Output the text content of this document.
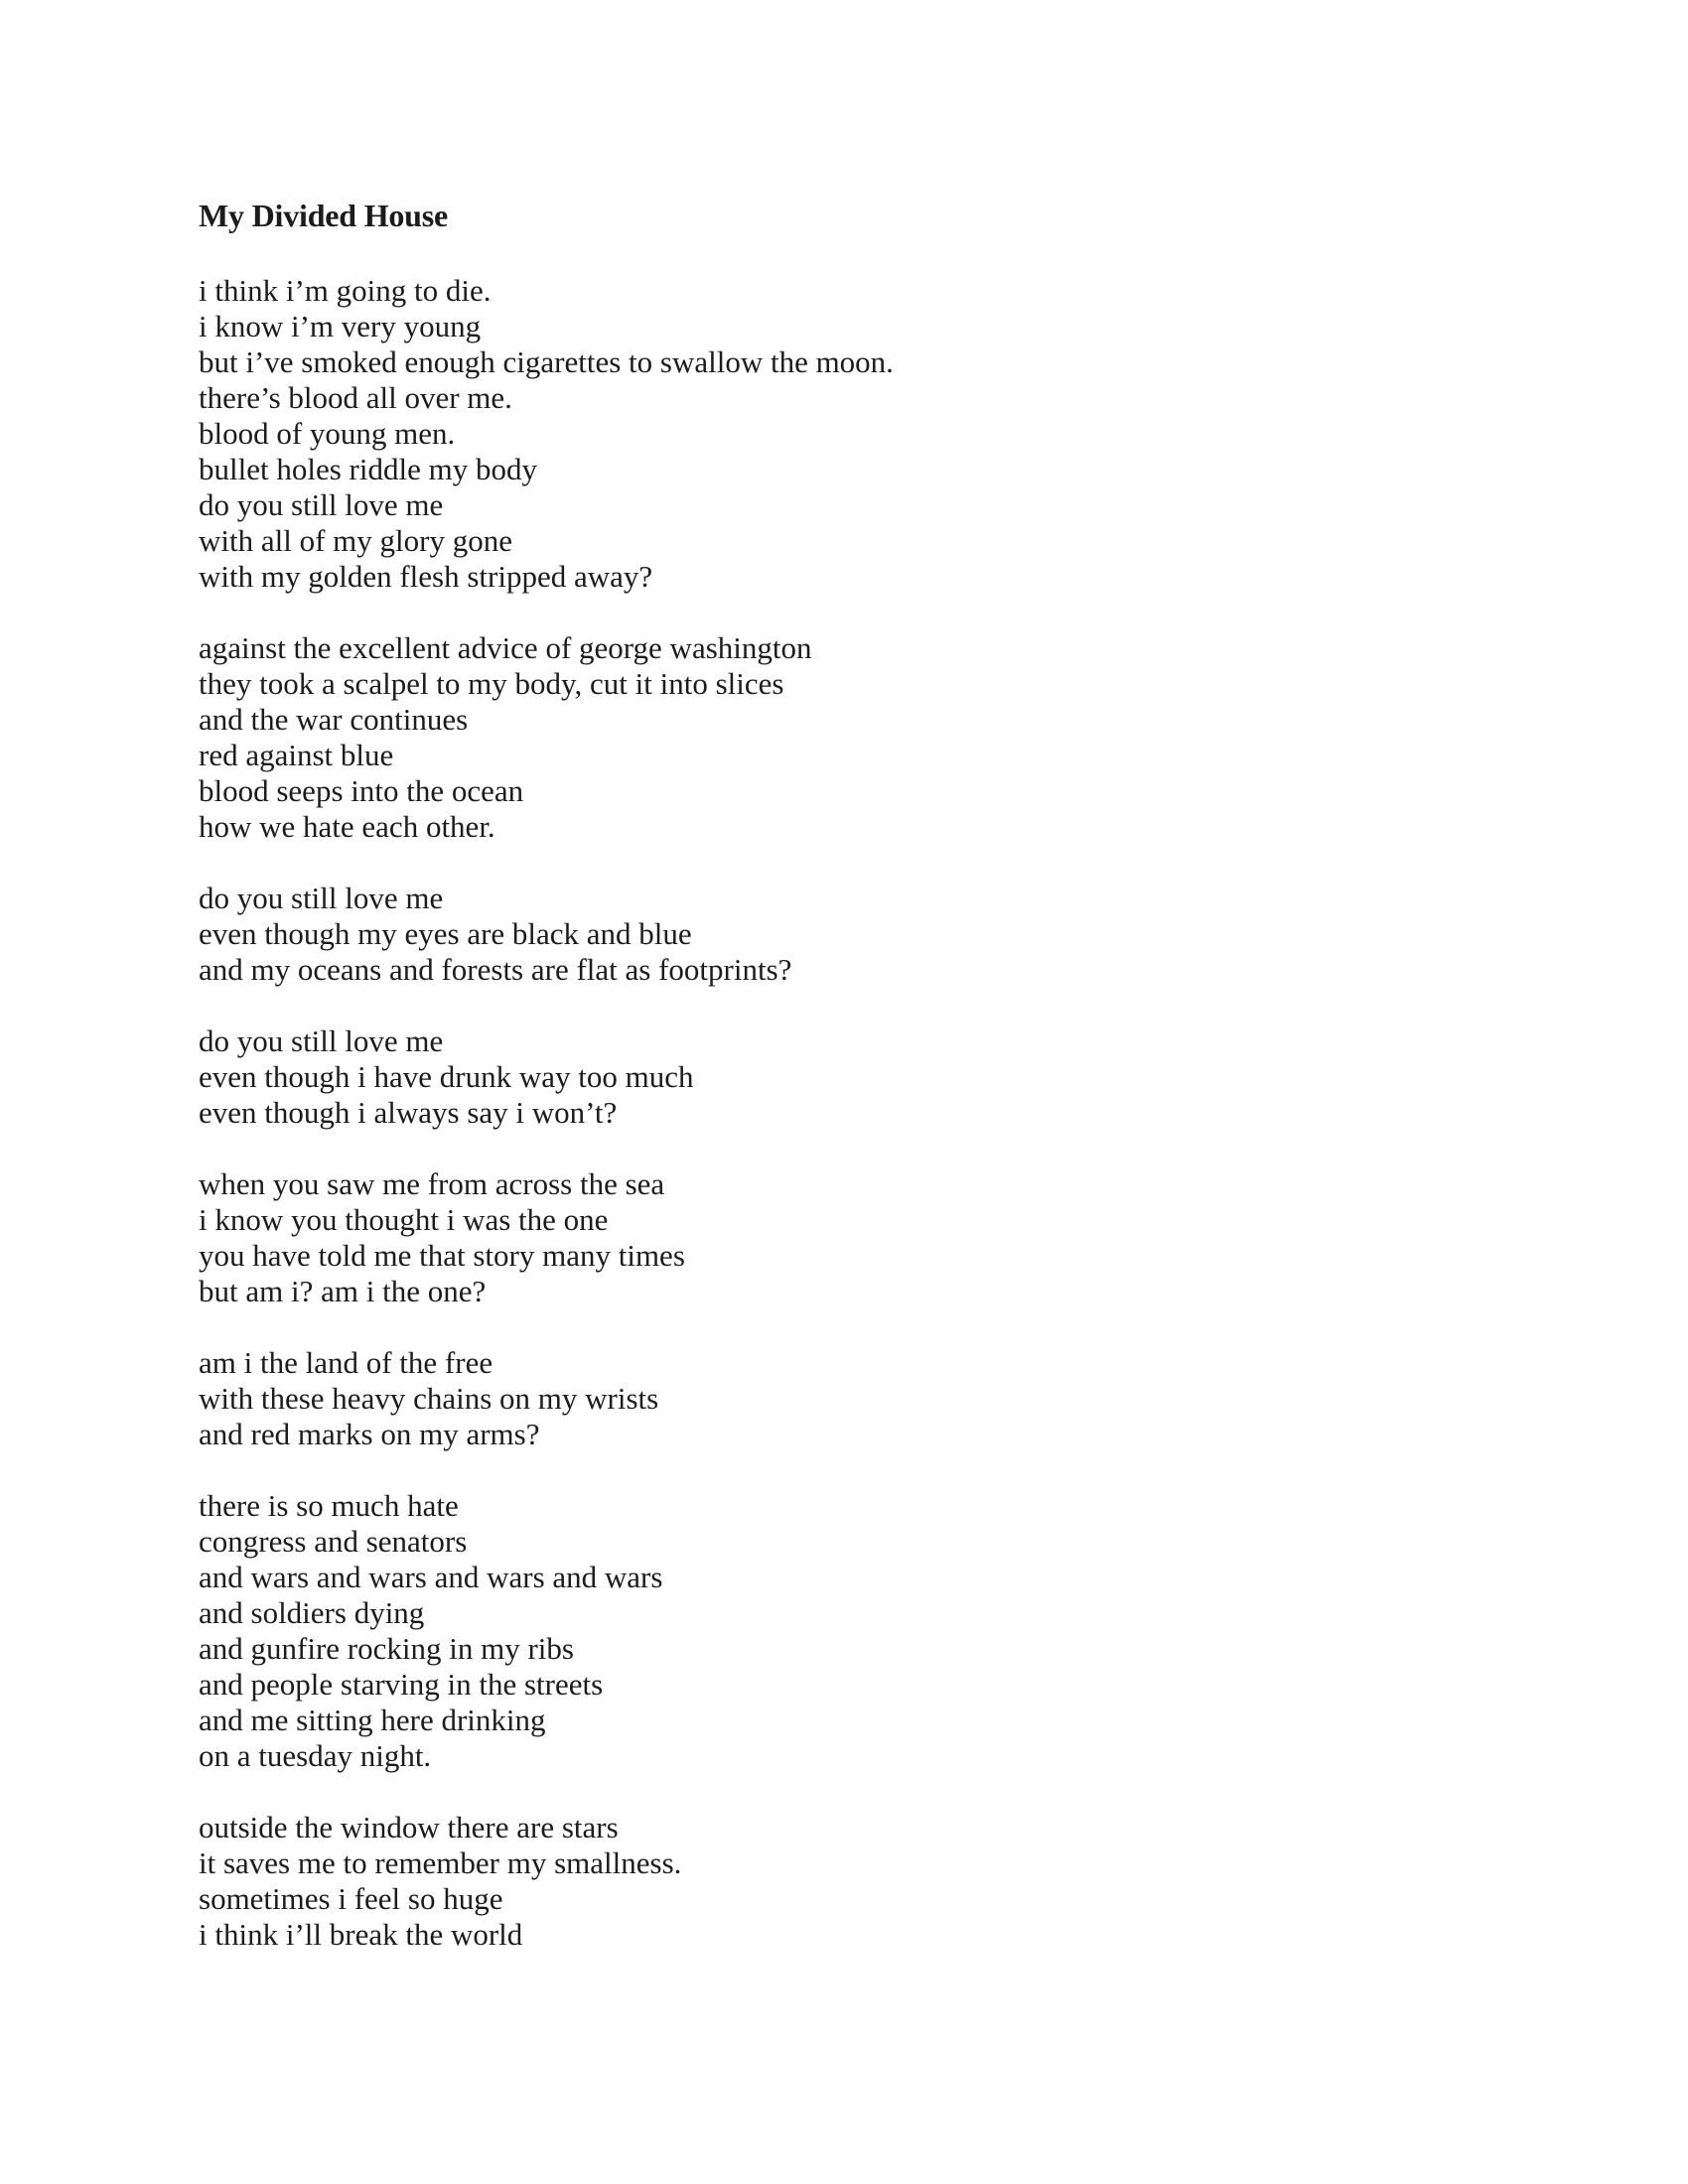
My Divided House
i think i’m going to die.
i know i’m very young
but i’ve smoked enough cigarettes to swallow the moon.
there’s blood all over me.
blood of young men.
bullet holes riddle my body
do you still love me
with all of my glory gone
with my golden flesh stripped away?
against the excellent advice of george washington
they took a scalpel to my body, cut it into slices
and the war continues
red against blue
blood seeps into the ocean
how we hate each other.
do you still love me
even though my eyes are black and blue
and my oceans and forests are flat as footprints?
do you still love me
even though i have drunk way too much
even though i always say i won’t?
when you saw me from across the sea
i know you thought i was the one
you have told me that story many times
but am i? am i the one?
am i the land of the free
with these heavy chains on my wrists
and red marks on my arms?
there is so much hate
congress and senators
and wars and wars and wars and wars
and soldiers dying
and gunfire rocking in my ribs
and people starving in the streets
and me sitting here drinking
on a tuesday night.
outside the window there are stars
it saves me to remember my smallness.
sometimes i feel so huge
i think i’ll break the world
